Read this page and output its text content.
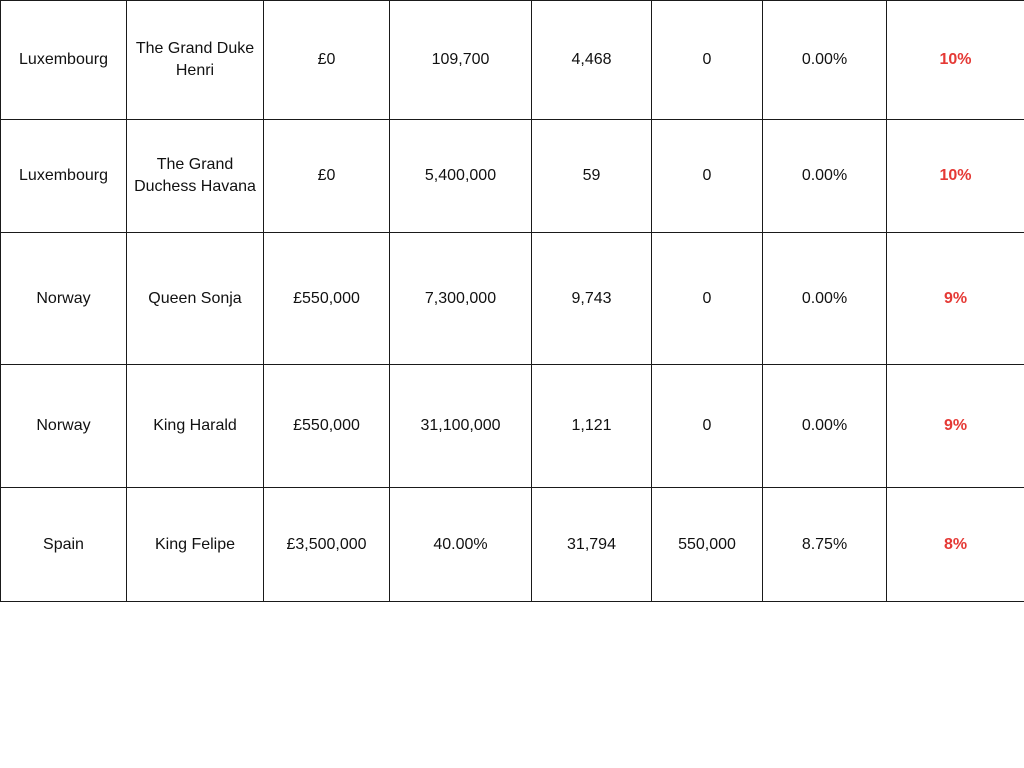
Luxembourg	The Grand Duke Henri	£0	109,700	4,468	0	0.00%	10%
Luxembourg	The Grand Duchess Havana	£0	5,400,000	59	0	0.00%	10%
Norway	Queen Sonja	£550,000	7,300,000	9,743	0	0.00%	9%
Norway	King Harald	£550,000	31,100,000	1,121	0	0.00%	9%
Spain	King Felipe	£3,500,000	40.00%	31,794	550,000	8.75%	8%
